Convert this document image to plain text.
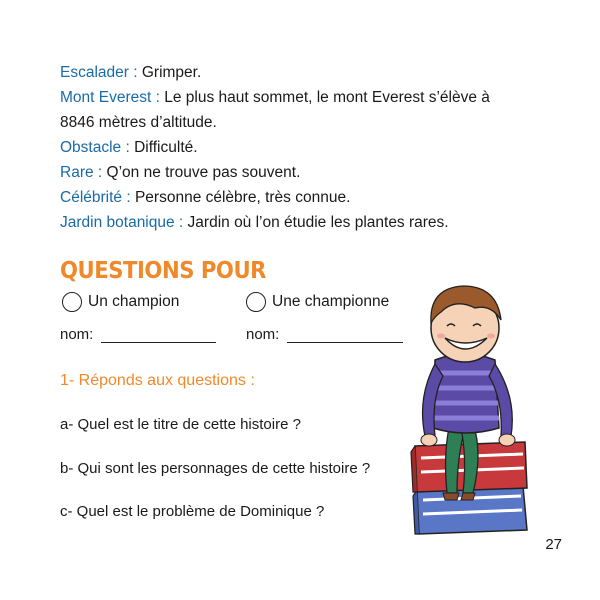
Escalader : Grimper.
Mont Everest : Le plus haut sommet, le mont Everest s’élève à
8846 mètres d’altitude.
Obstacle : Difficulté.
Rare : Q’on ne trouve pas souvent.
Célébrité : Personne célèbre, très connue.
Jardin botanique : Jardin où l’on étudie les plantes rares.
QUESTIONS POUR
Un champion	Une championne
nom:	nom:
1- Réponds aux questions :
a- Quel est le titre de cette histoire ?
b- Qui sont les personnages de cette histoire ?
c- Quel est le problème de Dominique ?
27
